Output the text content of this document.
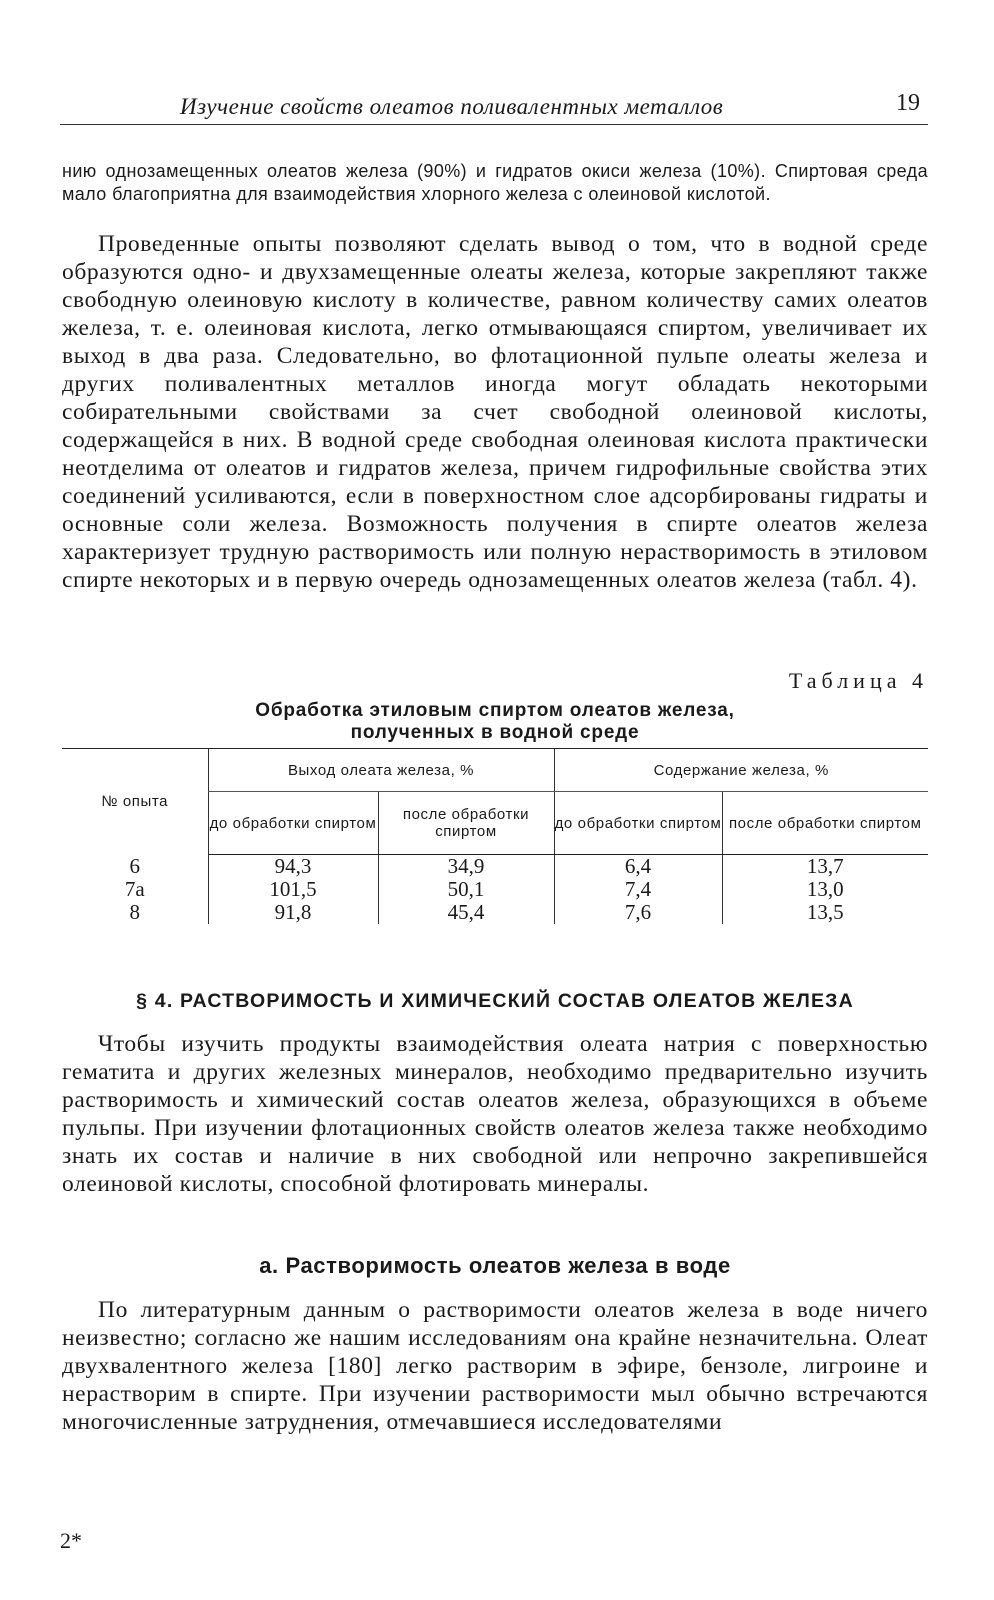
Изучение свойств олеатов поливалентных металлов	19

нию однозамещенных олеатов железа (90%) и гидратов окиси железа (10%). Спиртовая среда мало благоприятна для взаимодействия хлорного железа с олеиновой кислотой.

Проведенные опыты позволяют сделать вывод о том, что в водной среде образуются одно- и двухзамещенные олеаты железа, которые закрепляют также свободную олеиновую кислоту в количестве, равном количеству самих олеатов железа, т. е. олеиновая кислота, легко отмывающаяся спиртом, увеличивает их выход в два раза. Следовательно, во флотационной пульпе олеаты железа и других поливалентных металлов иногда могут обладать некоторыми собирательными свойствами за счет свободной олеиновой кислоты, содержащейся в них. В водной среде свободная олеиновая кислота практически неотделима от олеатов и гидратов железа, причем гидрофильные свойства этих соединений усиливаются, если в поверхностном слое адсорбированы гидраты и основные соли железа. Возможность получения в спирте олеатов железа характеризует трудную растворимость или полную нерастворимость в этиловом спирте некоторых и в первую очередь однозамещенных олеатов железа (табл. 4).

Таблица 4
Обработка этиловым спиртом олеатов железа,
полученных в водной среде
№ опыта	Выход олеата железа, %		Содержание железа, %	
	до обработки спиртом	после обработки спиртом	до обработки спиртом	после обработки спиртом
6	94,3	34,9	6,4	13,7
7а	101,5	50,1	7,4	13,0
8	91,8	45,4	7,6	13,5
§ 4. РАСТВОРИМОСТЬ И ХИМИЧЕСКИЙ СОСТАВ ОЛЕАТОВ ЖЕЛЕЗА

Чтобы изучить продукты взаимодействия олеата натрия с поверхностью гематита и других железных минералов, необходимо предварительно изучить растворимость и химический состав олеатов железа, образующихся в объеме пульпы. При изучении флотационных свойств олеатов железа также необходимо знать их состав и наличие в них свободной или непрочно закрепившейся олеиновой кислоты, способной флотировать минералы.

а. Растворимость олеатов железа в воде

По литературным данным о растворимости олеатов железа в воде ничего неизвестно; согласно же нашим исследованиям она крайне незначительна. Олеат двухвалентного железа [180] легко растворим в эфире, бензоле, лигроине и нерастворим в спирте. При изучении растворимости мыл обычно встречаются многочисленные затруднения, отмечавшиеся исследователями

2*
